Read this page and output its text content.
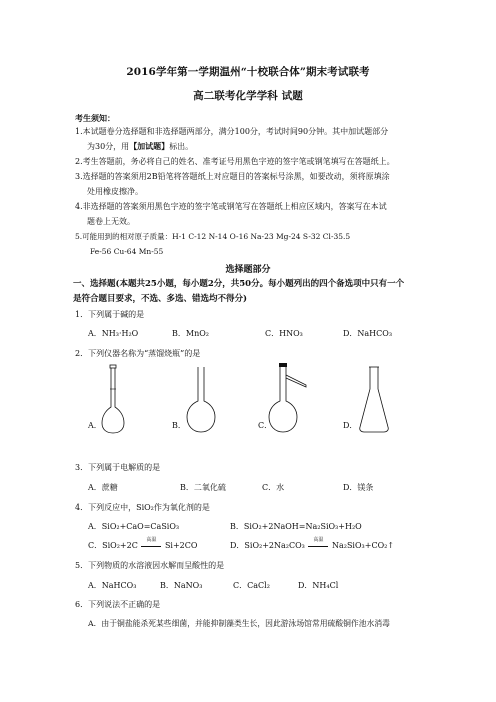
2016学年第一学期温州“十校联合体”期末考试联考
高二联考化学学科 试题
考生须知：
1.本试题卷分选择题和非选择题两部分，满分100分，考试时间90分钟。其中加试题部分
为30分，用【加试题】标出。
2.考生答题前，务必将自己的姓名、准考证号用黑色字迹的签字笔或钢笔填写在答题纸上。
3.选择题的答案须用2B铅笔将答题纸上对应题目的答案标号涂黑，如要改动，须将原填涂
处用橡皮擦净。
4.非选择题的答案须用黑色字迹的签字笔或钢笔写在答题纸上相应区域内，答案写在本试
题卷上无效。
5.可能用到的相对原子质量：H-1 C-12 N-14 O-16 Na-23 Mg-24 S-32 Cl-35.5
Fe-56 Cu-64 Mn-55
选择题部分
一、选择题(本题共25小题，每小题2分，共50分。每小题列出的四个备选项中只有一个
是符合题目要求，不选、多选、错选均不得分)
1．下列属于碱的是
A．NH₃·H₂O	B．MnO₂	C．HNO₃	D．NaHCO₃
2．下列仪器名称为“蒸馏烧瓶”的是
A．	B．	C．	D．
3．下列属于电解质的是
A．蔗糖	B．二氧化硫	C．水	D．镁条
4．下列反应中，SiO₂作为氧化剂的是
A．SiO₂+CaO=CaSiO₃	B．SiO₂+2NaOH=Na₂SiO₃+H₂O
C．SiO₂+2C
高温
Si+2CO	D．SiO₂+2Na₂CO₃
高温
Na₂SiO₃+CO₂↑
5．下列物质的水溶液因水解而呈酸性的是
A．NaHCO₃	B．NaNO₃	C．CaCl₂	D．NH₄Cl
6．下列说法不正确的是
A．由于铜盐能杀死某些细菌，并能抑制藻类生长，因此游泳场馆常用硫酸铜作池水消毒
